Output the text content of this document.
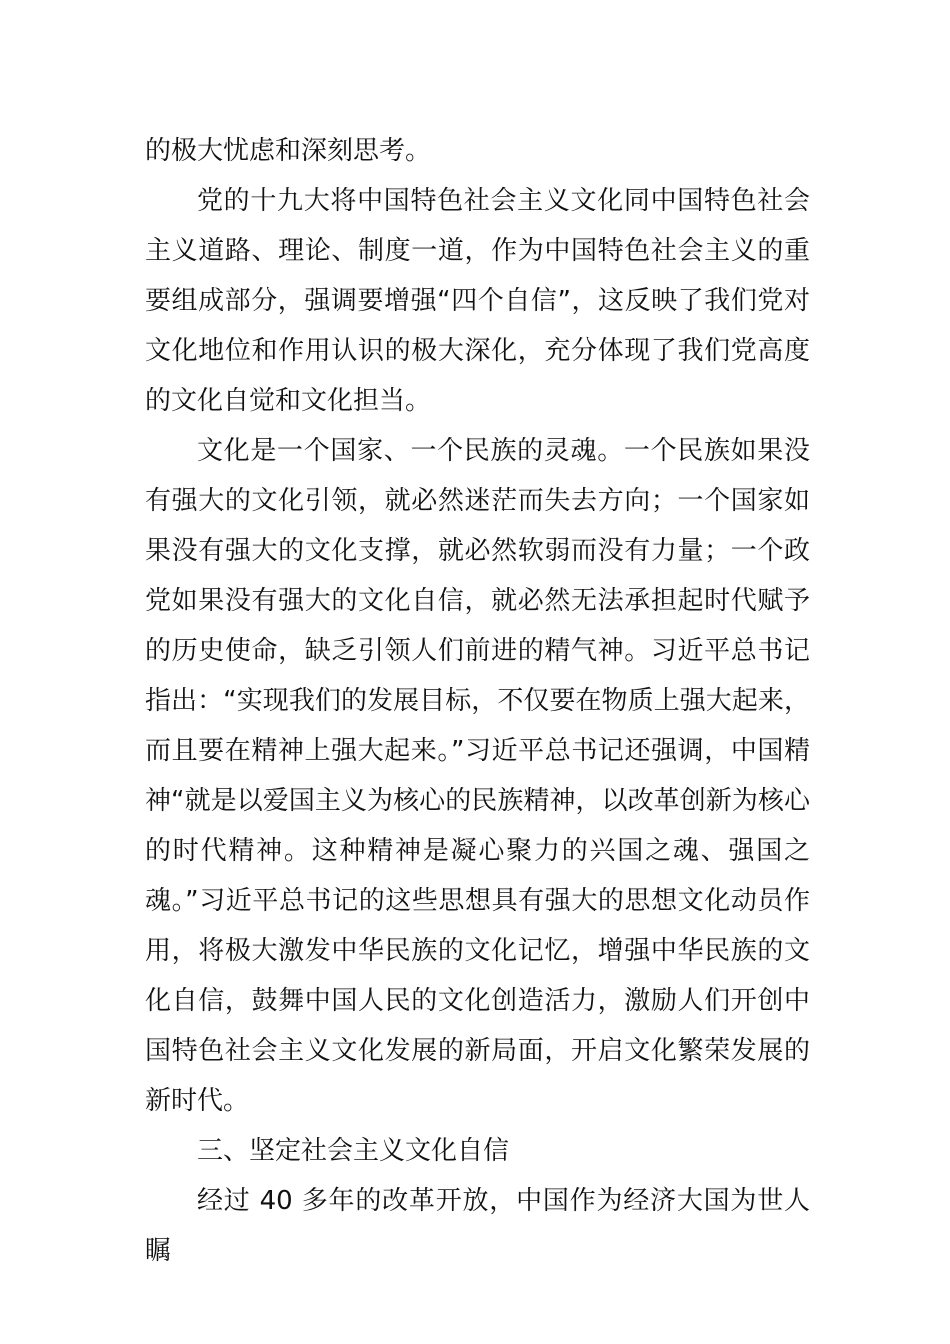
的极大忧虑和深刻思考。

党的十九大将中国特色社会主义文化同中国特色社会主义道路、理论、制度一道，作为中国特色社会主义的重要组成部分，强调要增强“四个自信”，这反映了我们党对文化地位和作用认识的极大深化，充分体现了我们党高度的文化自觉和文化担当。

文化是一个国家、一个民族的灵魂。一个民族如果没有强大的文化引领，就必然迷茫而失去方向；一个国家如果没有强大的文化支撑，就必然软弱而没有力量；一个政党如果没有强大的文化自信，就必然无法承担起时代赋予的历史使命，缺乏引领人们前进的精气神。习近平总书记指出：“实现我们的发展目标，不仅要在物质上强大起来，而且要在精神上强大起来。”习近平总书记还强调，中国精神“就是以爱国主义为核心的民族精神，以改革创新为核心的时代精神。这种精神是凝心聚力的兴国之魂、强国之魂。”习近平总书记的这些思想具有强大的思想文化动员作用，将极大激发中华民族的文化记忆，增强中华民族的文化自信，鼓舞中国人民的文化创造活力，激励人们开创中国特色社会主义文化发展的新局面，开启文化繁荣发展的新时代。

三、坚定社会主义文化自信

经过 40 多年的改革开放，中国作为经济大国为世人瞩
